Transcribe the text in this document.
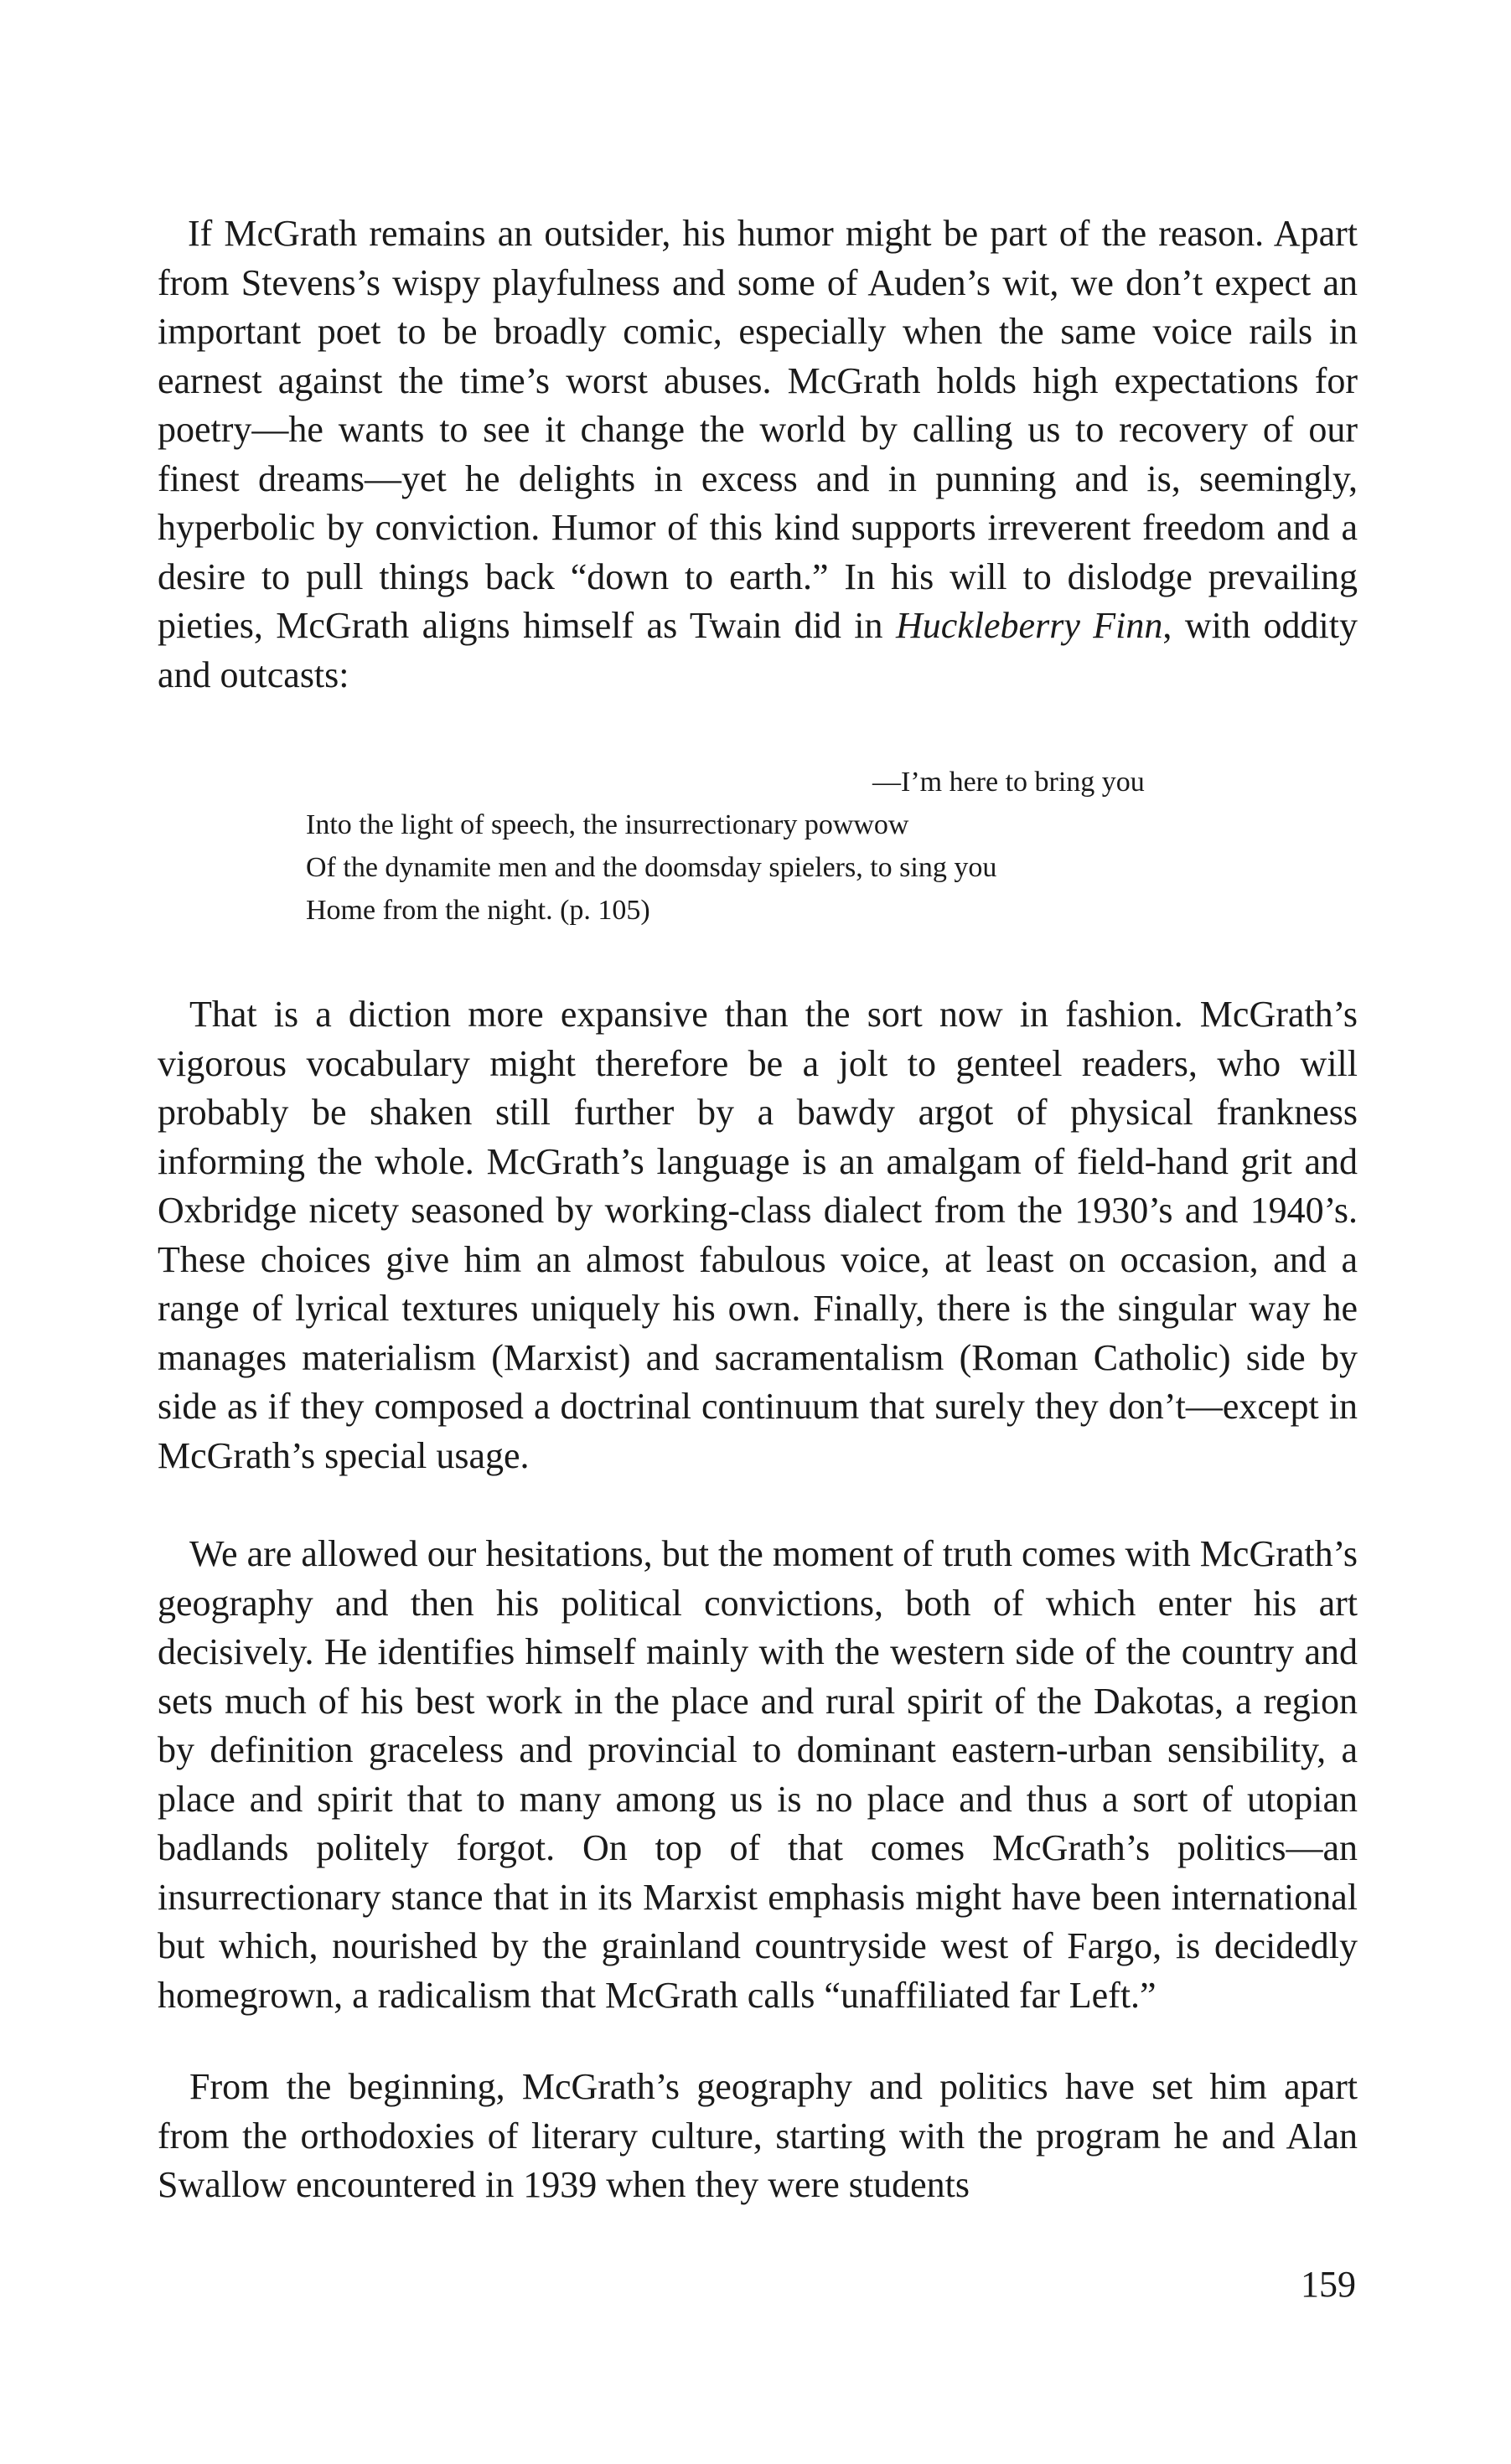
If McGrath remains an outsider, his humor might be part of the reason. Apart from Stevens’s wispy playfulness and some of Auden’s wit, we don’t expect an important poet to be broadly comic, especially when the same voice rails in earnest against the time’s worst abuses. McGrath holds high expectations for poetry—he wants to see it change the world by calling us to recovery of our finest dreams—yet he delights in excess and in punning and is, seemingly, hyperbolic by conviction. Humor of this kind supports irreverent freedom and a desire to pull things back “down to earth.” In his will to dislodge prevailing pieties, McGrath aligns himself as Twain did in Huckleberry Finn, with oddity and outcasts:

—I’m here to bring you
Into the light of speech, the insurrectionary powwow
Of the dynamite men and the doomsday spielers, to sing you
Home from the night. (p. 105)

That is a diction more expansive than the sort now in fashion. McGrath’s vigorous vocabulary might therefore be a jolt to genteel readers, who will probably be shaken still further by a bawdy argot of physical frankness informing the whole. McGrath’s language is an amalgam of field-hand grit and Oxbridge nicety seasoned by working-class dialect from the 1930’s and 1940’s. These choices give him an almost fabulous voice, at least on occasion, and a range of lyrical textures uniquely his own. Finally, there is the singular way he manages materialism (Marxist) and sacramentalism (Roman Catholic) side by side as if they composed a doctrinal continuum that surely they don’t—except in McGrath’s special usage.

We are allowed our hesitations, but the moment of truth comes with McGrath’s geography and then his political convictions, both of which enter his art decisively. He identifies himself mainly with the western side of the country and sets much of his best work in the place and rural spirit of the Dakotas, a region by definition graceless and provincial to dominant eastern-urban sensibility, a place and spirit that to many among us is no place and thus a sort of utopian badlands politely forgot. On top of that comes McGrath’s politics—an insurrectionary stance that in its Marxist emphasis might have been international but which, nourished by the grainland countryside west of Fargo, is decidedly homegrown, a radicalism that McGrath calls “unaffiliated far Left.”

From the beginning, McGrath’s geography and politics have set him apart from the orthodoxies of literary culture, starting with the program he and Alan Swallow encountered in 1939 when they were students

159
